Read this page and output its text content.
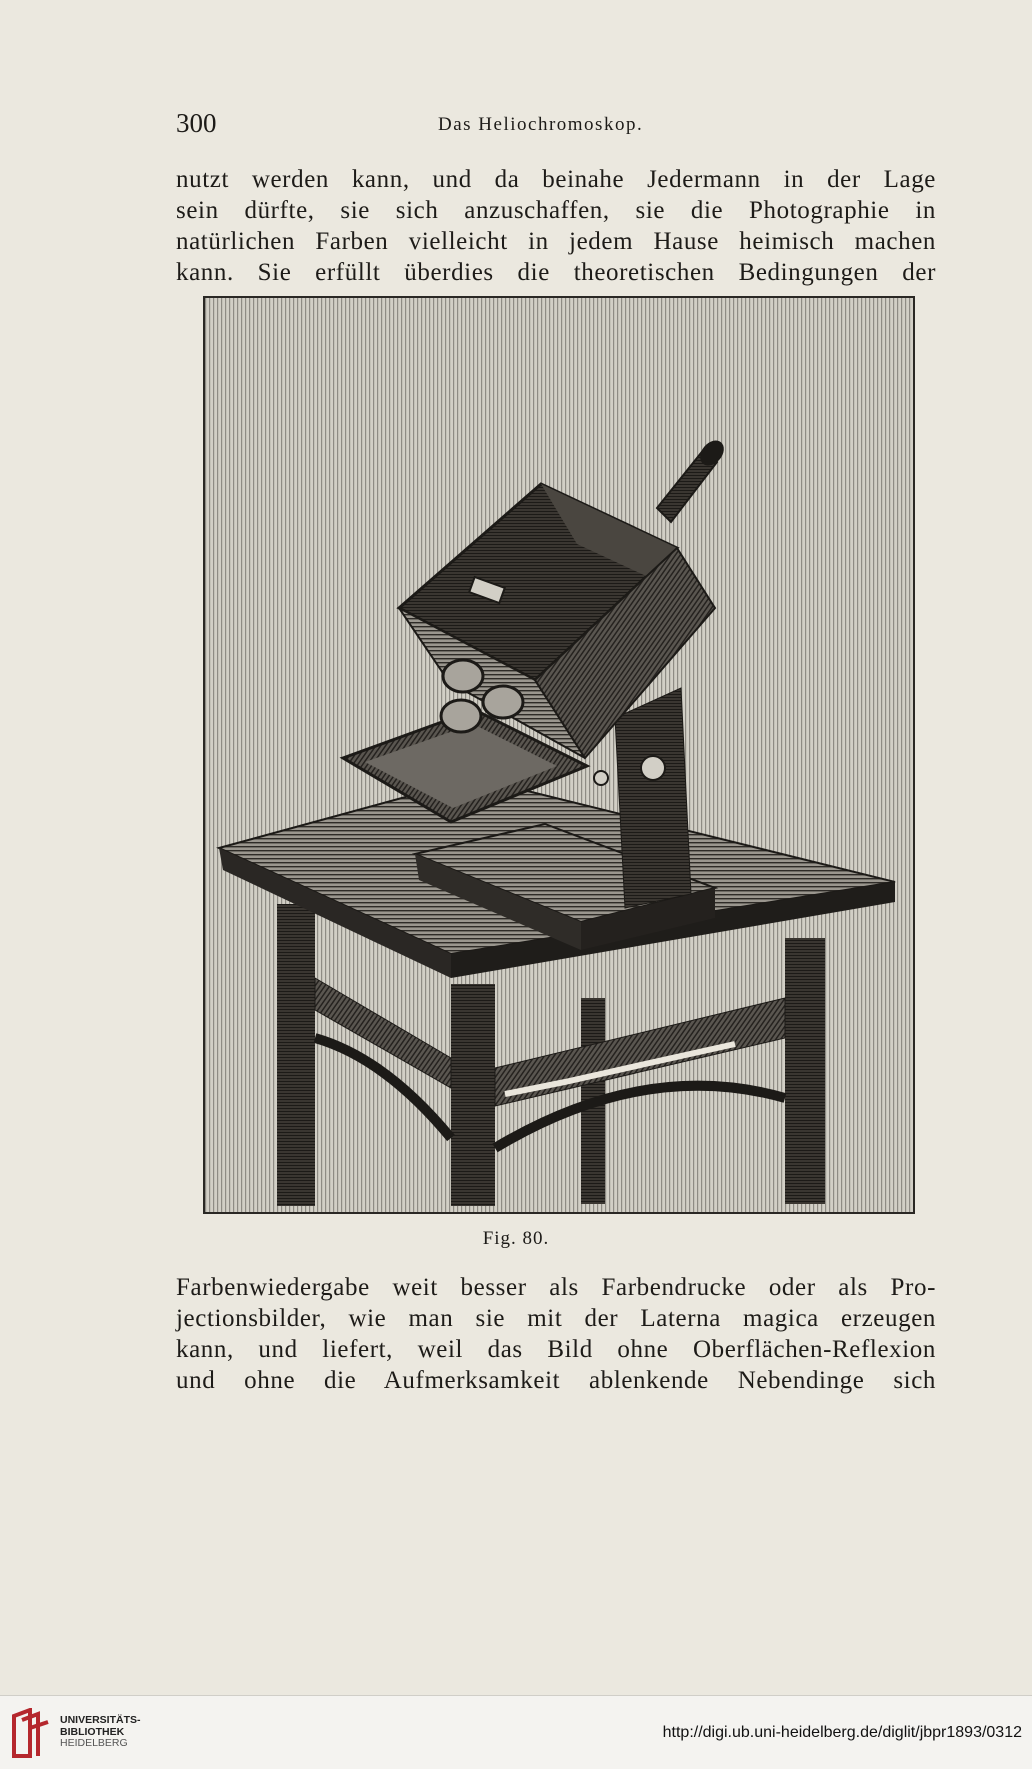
300	Das Heliochromoskop.
nutzt werden kann, und da beinahe Jedermann in der Lage
sein dürfte, sie sich anzuschaffen, sie die Photographie in
natürlichen Farben vielleicht in jedem Hause heimisch machen
kann. Sie erfüllt überdies die theoretischen Bedingungen der
Fig. 80.
Farbenwiedergabe weit besser als Farbendrucke oder als Pro-
jectionsbilder, wie man sie mit der Laterna magica erzeugen
kann, und liefert, weil das Bild ohne Oberflächen-Reflexion
und ohne die Aufmerksamkeit ablenkende Nebendinge sich
UNIVERSITÄTS-
BIBLIOTHEK
HEIDELBERG
http://digi.ub.uni-heidelberg.de/diglit/jbpr1893/0312
